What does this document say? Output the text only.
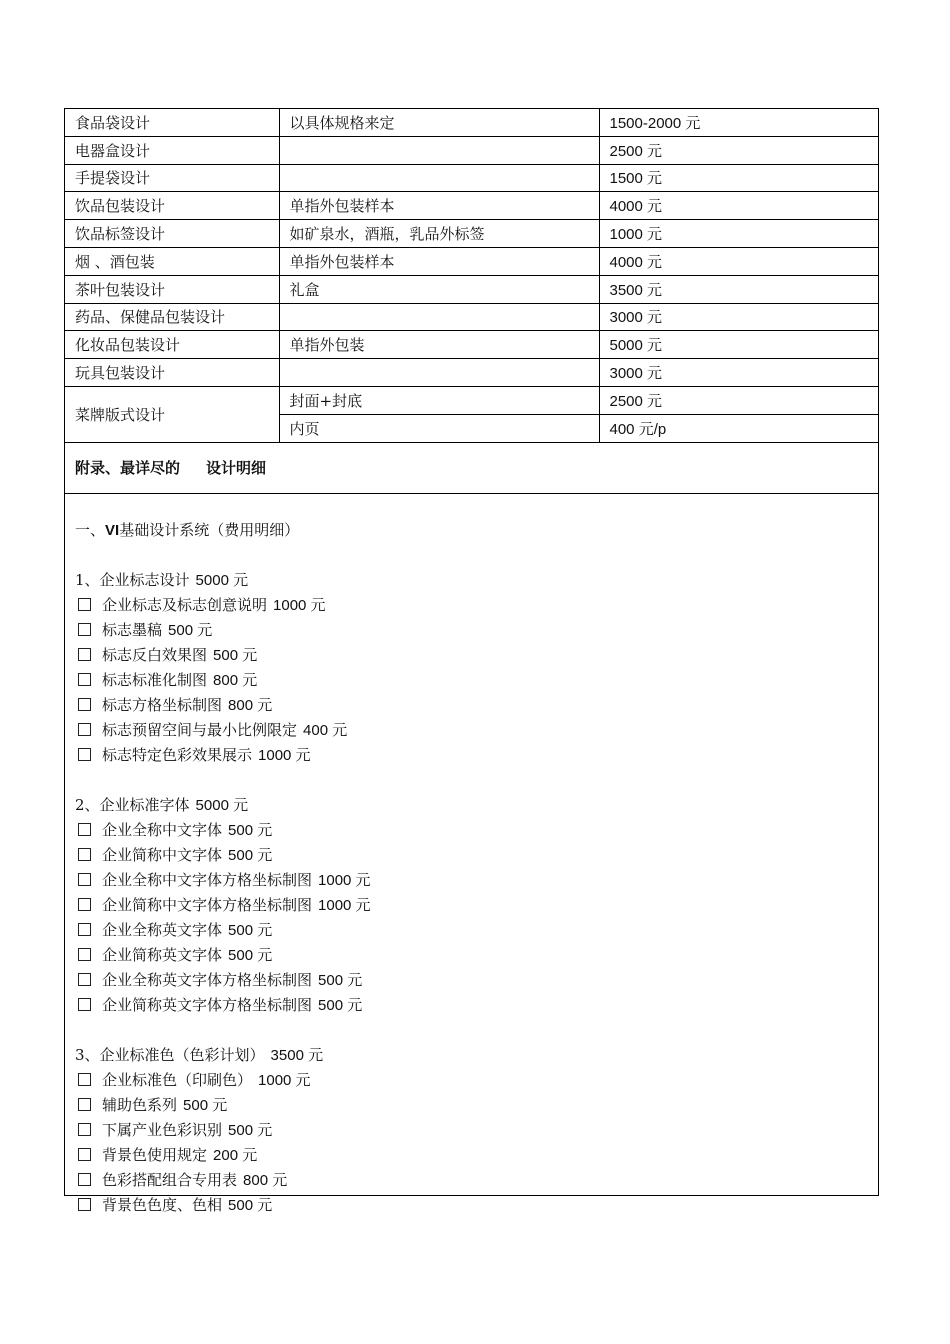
食品袋设计	以具体规格来定	1500-2000 元
电器盒设计		2500 元
手提袋设计		1500 元
饮品包装设计	单指外包装样本	4000 元
饮品标签设计	如矿泉水，酒瓶，乳品外标签	1000 元
烟 、酒包装	单指外包装样本	4000 元
茶叶包装设计	礼盒	3500 元
药品、保健品包装设计		3000 元
化妆品包装设计	单指外包装	5000 元
玩具包装设计		3000 元
菜牌版式设计	封面+封底	2500 元
	内页	400 元/p
附录、最详尽的 设计明细
一、VI基础设计系统（费用明细）
1、企业标志设计 5000 元
企业标志及标志创意说明 1000 元
标志墨稿 500 元
标志反白效果图 500 元
标志标准化制图 800 元
标志方格坐标制图 800 元
标志预留空间与最小比例限定 400 元
标志特定色彩效果展示 1000 元
2、企业标准字体 5000 元
企业全称中文字体 500 元
企业简称中文字体 500 元
企业全称中文字体方格坐标制图 1000 元
企业简称中文字体方格坐标制图 1000 元
企业全称英文字体 500 元
企业简称英文字体 500 元
企业全称英文字体方格坐标制图 500 元
企业简称英文字体方格坐标制图 500 元
3、企业标准色（色彩计划） 3500 元
企业标准色（印刷色） 1000 元
辅助色系列 500 元
下属产业色彩识别 500 元
背景色使用规定 200 元
色彩搭配组合专用表 800 元
背景色色度、色相 500 元
